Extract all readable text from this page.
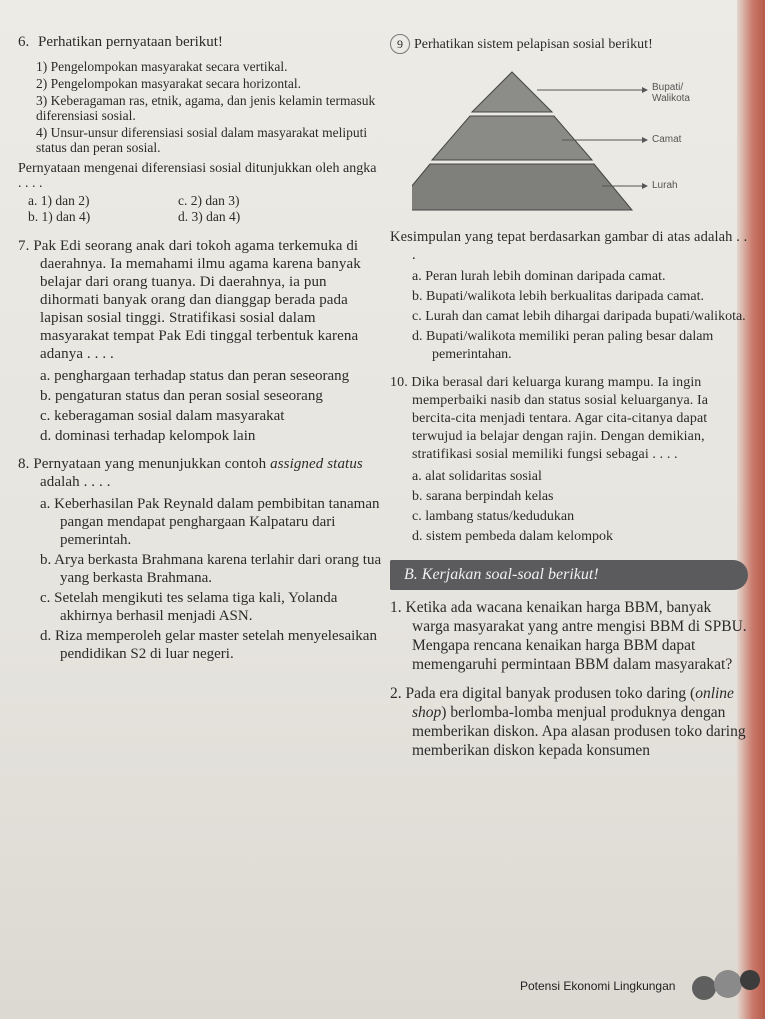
6. Perhatikan pernyataan berikut!
1) Pengelompokan masyarakat secara vertikal.
2) Pengelompokan masyarakat secara horizontal.
3) Keberagaman ras, etnik, agama, dan jenis kelamin termasuk diferensiasi sosial.
4) Unsur-unsur diferensiasi sosial dalam masyarakat meliputi status dan peran sosial.
Pernyataan mengenai diferensiasi sosial ditunjukkan oleh angka . . . .
a. 1) dan 2)	c. 2) dan 3)
b. 1) dan 4)	d. 3) dan 4)
7. Pak Edi seorang anak dari tokoh agama terkemuka di daerahnya. Ia memahami ilmu agama karena banyak belajar dari orang tuanya. Di daerahnya, ia pun dihormati banyak orang dan dianggap berada pada lapisan sosial tinggi. Stratifikasi sosial dalam masyarakat tempat Pak Edi tinggal terbentuk karena adanya . . . .
a. penghargaan terhadap status dan peran seseorang
b. pengaturan status dan peran sosial seseorang
c. keberagaman sosial dalam masyarakat
d. dominasi terhadap kelompok lain
8. Pernyataan yang menunjukkan contoh assigned status adalah . . . .
a. Keberhasilan Pak Reynald dalam pembibitan tanaman pangan mendapat penghargaan Kalpataru dari pemerintah.
b. Arya berkasta Brahmana karena terlahir dari orang tua yang berkasta Brahmana.
c. Setelah mengikuti tes selama tiga kali, Yolanda akhirnya berhasil menjadi ASN.
d. Riza memperoleh gelar master setelah menyelesaikan pendidikan S2 di luar negeri.
9 Perhatikan sistem pelapisan sosial berikut!
Bupati/ Walikota
Camat
Lurah
Kesimpulan yang tepat berdasarkan gambar di atas adalah . . .
a. Peran lurah lebih dominan daripada camat.
b. Bupati/walikota lebih berkualitas daripada camat.
c. Lurah dan camat lebih dihargai daripada bupati/walikota.
d. Bupati/walikota memiliki peran paling besar dalam pemerintahan.
10. Dika berasal dari keluarga kurang mampu. Ia ingin memperbaiki nasib dan status sosial keluarganya. Ia bercita-cita menjadi tentara. Agar cita-citanya dapat terwujud ia belajar dengan rajin. Dengan demikian, stratifikasi sosial memiliki fungsi sebagai . . . .
a. alat solidaritas sosial
b. sarana berpindah kelas
c. lambang status/kedudukan
d. sistem pembeda dalam kelompok
B. Kerjakan soal-soal berikut!
1. Ketika ada wacana kenaikan harga BBM, banyak warga masyarakat yang antre mengisi BBM di SPBU. Mengapa rencana kenaikan harga BBM dapat memengaruhi permintaan BBM dalam masyarakat?
2. Pada era digital banyak produsen toko daring (online shop) berlomba-lomba menjual produknya dengan memberikan diskon. Apa alasan produsen toko daring memberikan diskon kepada konsumen
Potensi Ekonomi Lingkungan
